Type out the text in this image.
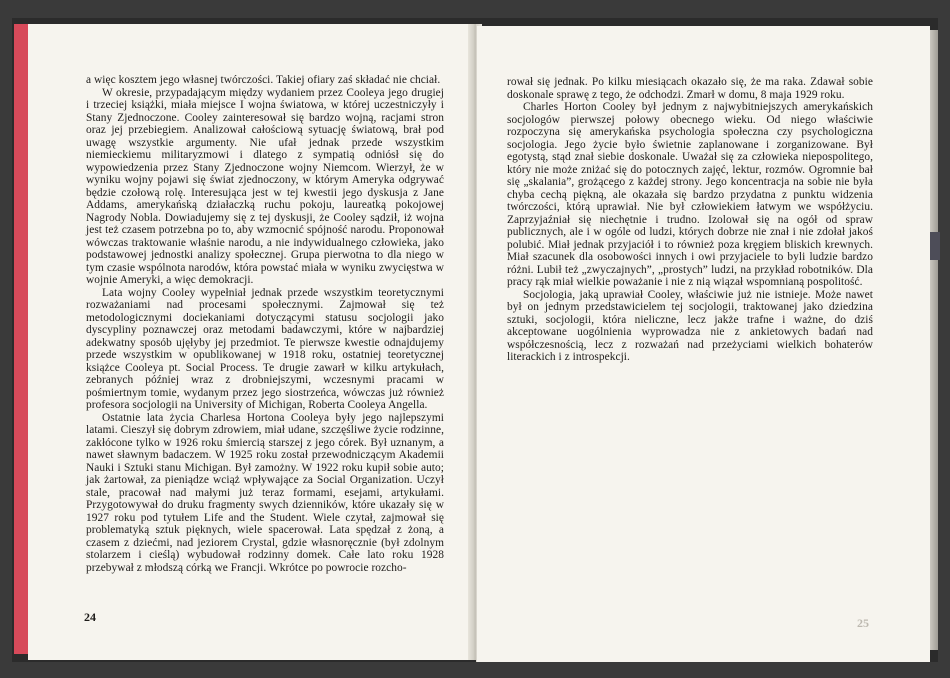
a więc kosztem jego własnej twórczości. Takiej ofiary zaś składać nie chciał.

W okresie, przypadającym między wydaniem przez Cooleya jego drugiej i trzeciej książki, miała miejsce I wojna światowa, w której uczestniczyły i Stany Zjednoczone. Cooley zainteresował się bardzo wojną, racjami stron oraz jej przebiegiem. Analizował całościową sytuację światową, brał pod uwagę wszystkie argumenty. Nie ufał jednak przede wszystkim niemieckiemu militaryzmowi i dlatego z sympatią odniósł się do wypowiedzenia przez Stany Zjednoczone wojny Niemcom. Wierzył, że w wyniku wojny pojawi się świat zjednoczony, w którym Ameryka odgrywać będzie czołową rolę. Interesująca jest w tej kwestii jego dyskusja z Jane Addams, amerykańską działaczką ruchu pokoju, laureatką pokojowej Nagrody Nobla. Dowiadujemy się z tej dyskusji, że Cooley sądził, iż wojna jest też czasem potrzebna po to, aby wzmocnić spójność narodu. Proponował wówczas traktowanie właśnie narodu, a nie indywidualnego człowieka, jako podstawowej jednostki analizy społecznej. Grupa pierwotna to dla niego w tym czasie wspólnota narodów, która powstać miała w wyniku zwycięstwa w wojnie Ameryki, a więc demokracji.

Lata wojny Cooley wypełniał jednak przede wszystkim teoretycznymi rozważaniami nad procesami społecznymi. Zajmował się też metodologicznymi dociekaniami dotyczącymi statusu socjologii jako dyscypliny poznawczej oraz metodami badawczymi, które w najbardziej adekwatny sposób ujęłyby jej przedmiot. Te pierwsze kwestie odnajdujemy przede wszystkim w opublikowanej w 1918 roku, ostatniej teoretycznej książce Cooleya pt. Social Process. Te drugie zawarł w kilku artykułach, zebranych później wraz z drobniejszymi, wczesnymi pracami w pośmiertnym tomie, wydanym przez jego siostrzeńca, wówczas już również profesora socjologii na University of Michigan, Roberta Cooleya Angella.

Ostatnie lata życia Charlesa Hortona Cooleya były jego najlepszymi latami. Cieszył się dobrym zdrowiem, miał udane, szczęśliwe życie rodzinne, zakłócone tylko w 1926 roku śmiercią starszej z jego córek. Był uznanym, a nawet sławnym badaczem. W 1925 roku został przewodniczącym Akademii Nauki i Sztuki stanu Michigan. Był zamożny. W 1922 roku kupił sobie auto; jak żartował, za pieniądze wciąż wpływające za Social Organization. Uczył stale, pracował nad małymi już teraz formami, esejami, artykułami. Przygotowywał do druku fragmenty swych dzienników, które ukazały się w 1927 roku pod tytułem Life and the Student. Wiele czytał, zajmował się problematyką sztuk pięknych, wiele spacerował. Lata spędzał z żoną, a czasem z dziećmi, nad jeziorem Crystal, gdzie własnoręcznie (był zdolnym stolarzem i cieślą) wybudował rodzinny domek. Całe lato roku 1928 przebywał z młodszą córką we Francji. Wkrótce po powrocie rozcho-

24

rował się jednak. Po kilku miesiącach okazało się, że ma raka. Zdawał sobie doskonale sprawę z tego, że odchodzi. Zmarł w domu, 8 maja 1929 roku.

Charles Horton Cooley był jednym z najwybitniejszych amerykańskich socjologów pierwszej połowy obecnego wieku. Od niego właściwie rozpoczyna się amerykańska psychologia społeczna czy psychologiczna socjologia. Jego życie było świetnie zaplanowane i zorganizowane. Był egotystą, stąd znał siebie doskonale. Uważał się za człowieka niepospolitego, który nie może zniżać się do potocznych zajęć, lektur, rozmów. Ogromnie bał się „skalania”, grożącego z każdej strony. Jego koncentracja na sobie nie była chyba cechą piękną, ale okazała się bardzo przydatna z punktu widzenia twórczości, którą uprawiał. Nie był człowiekiem łatwym we współżyciu. Zaprzyjaźniał się niechętnie i trudno. Izolował się na ogół od spraw publicznych, ale i w ogóle od ludzi, których dobrze nie znał i nie zdołał jakoś polubić. Miał jednak przyjaciół i to również poza kręgiem bliskich krewnych. Miał szacunek dla osobowości innych i owi przyjaciele to byli ludzie bardzo różni. Lubił też „zwyczajnych”, „prostych” ludzi, na przykład robotników. Dla pracy rąk miał wielkie poważanie i nie z nią wiązał wspomnianą pospolitość.

Socjologia, jaką uprawiał Cooley, właściwie już nie istnieje. Może nawet był on jednym przedstawicielem tej socjologii, traktowanej jako dziedzina sztuki, socjologii, która nieliczne, lecz jakże trafne i ważne, do dziś akceptowane uogólnienia wyprowadza nie z ankietowych badań nad współczesnością, lecz z rozważań nad przeżyciami wielkich bohaterów literackich i z introspekcji.

25
